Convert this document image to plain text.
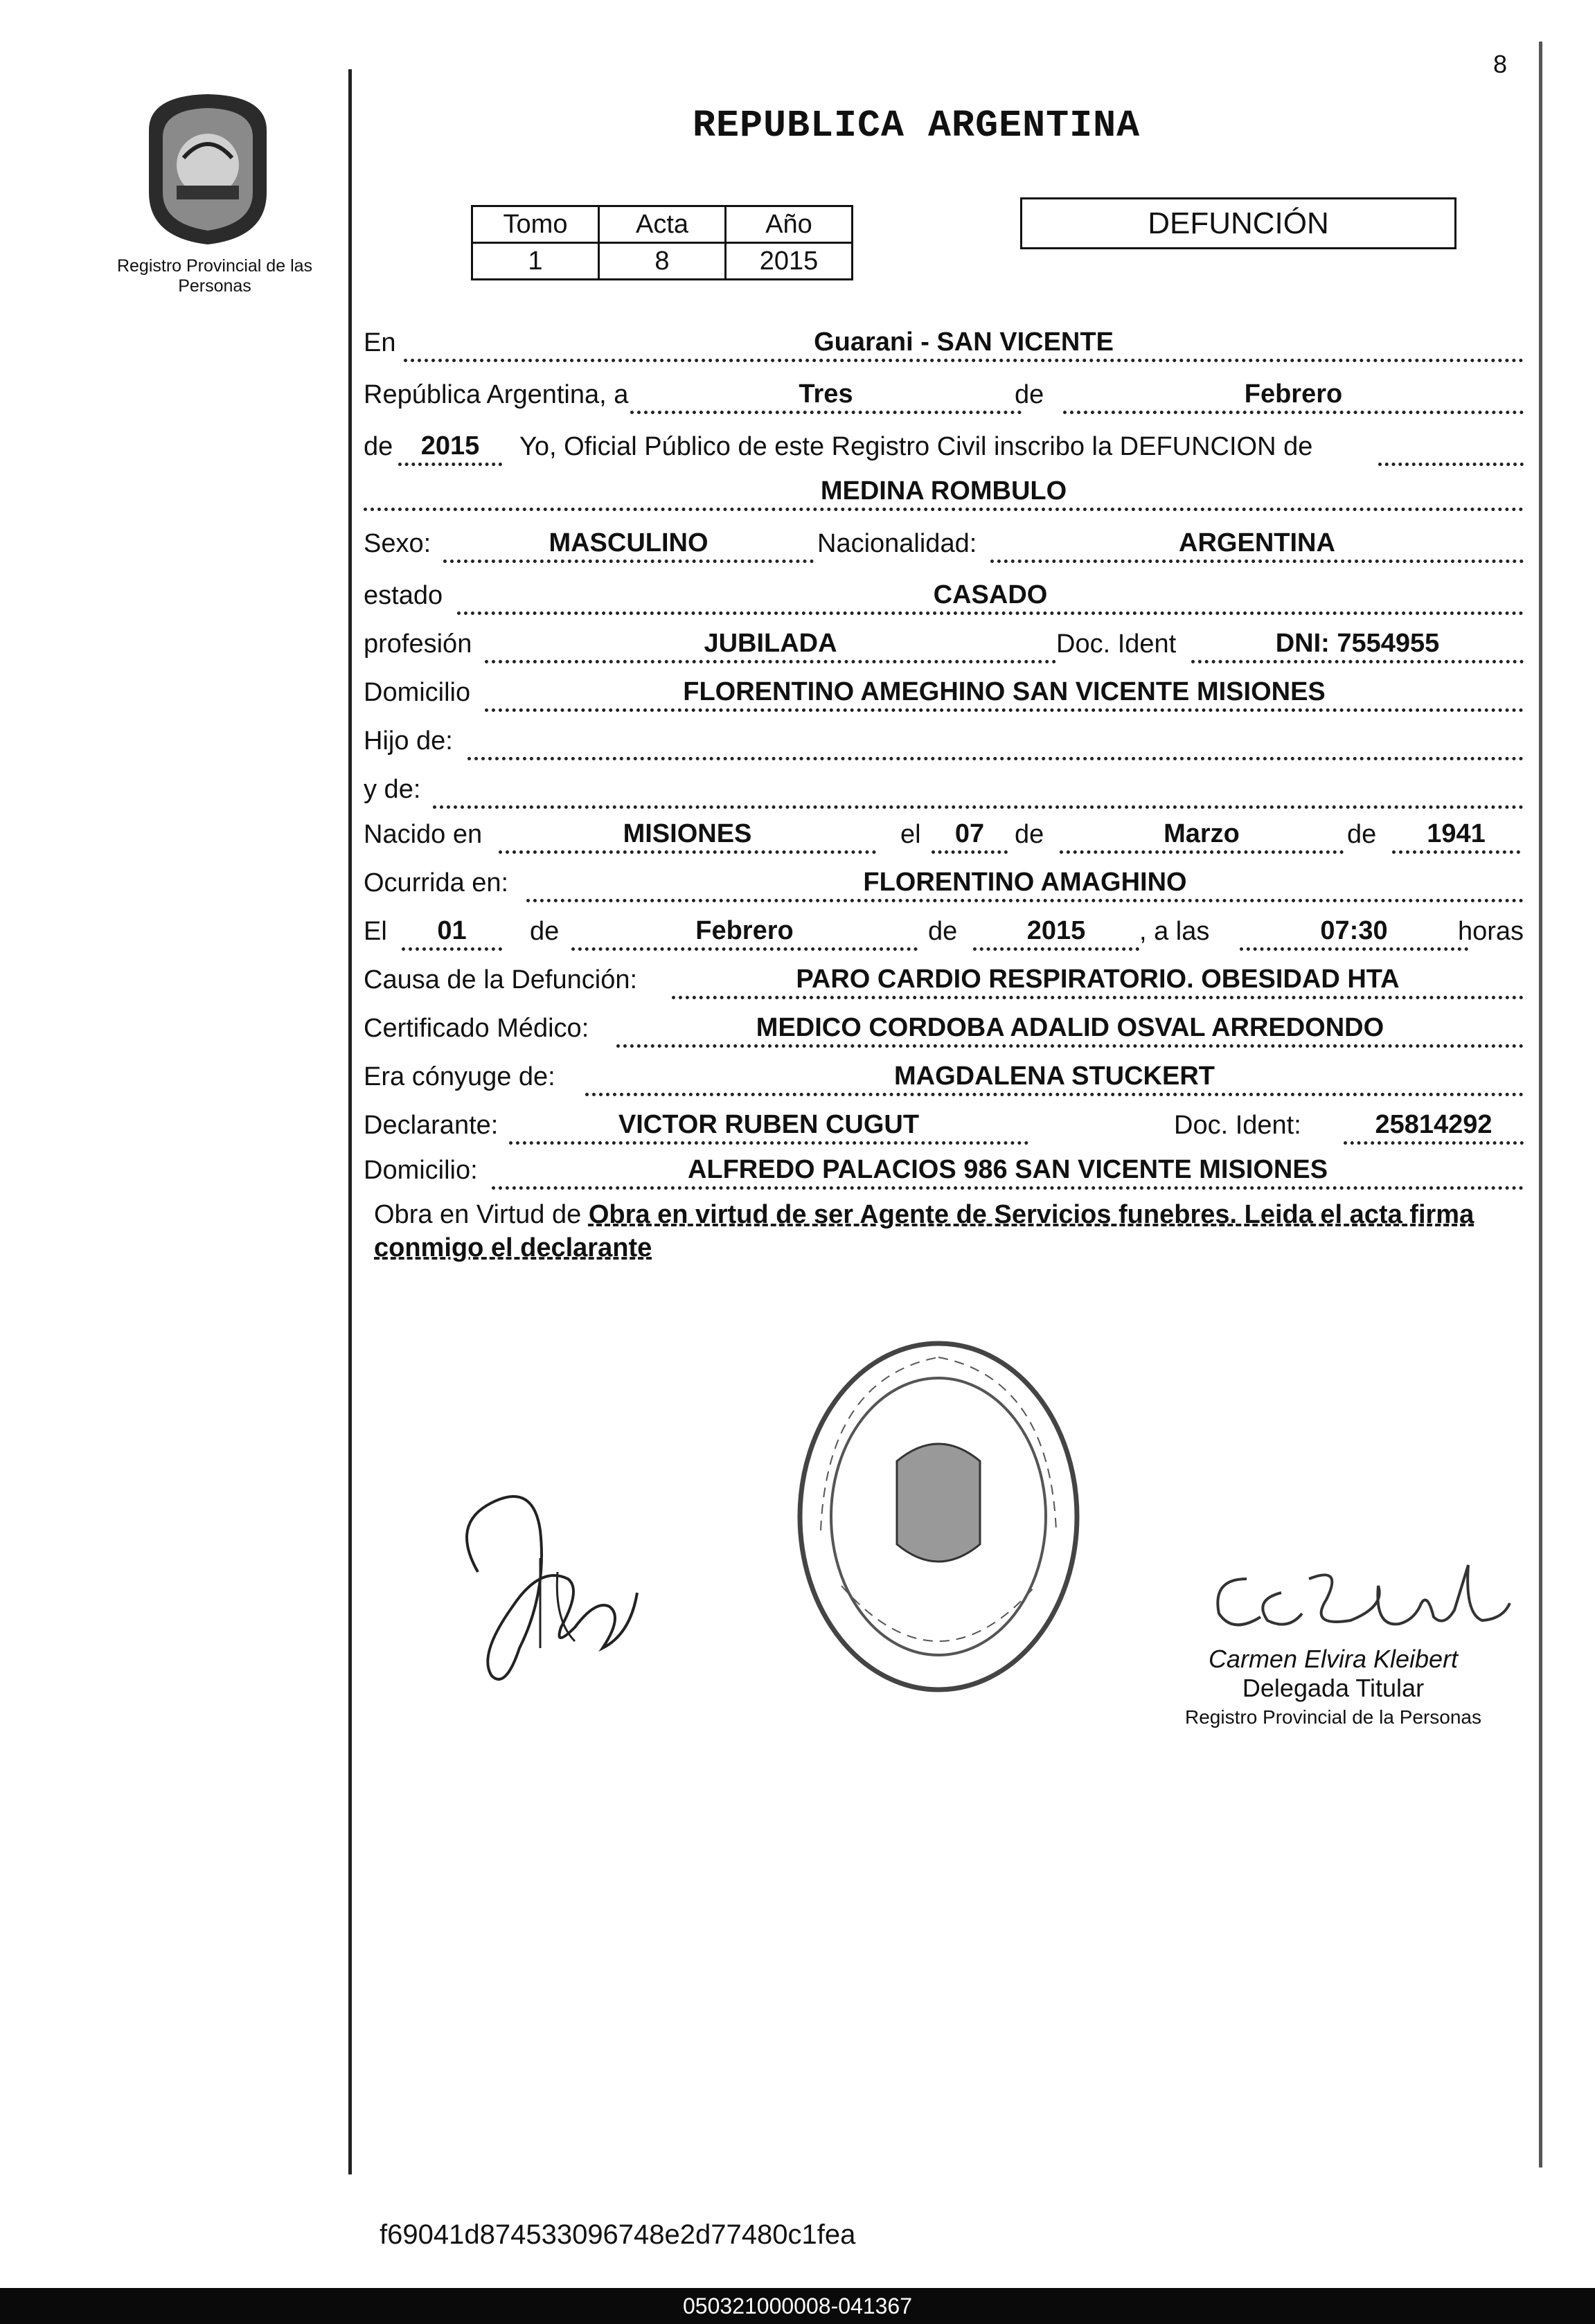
8
Registro Provincial de las Personas
REPUBLICA ARGENTINA
Tomo	Acta	Año
1	8	2015
DEFUNCIÓN
En	Guarani - SAN VICENTE
República Argentina, a	Tres	de	Febrero
de	2015	Yo, Oficial Público de este Registro Civil inscribo la DEFUNCION de
MEDINA ROMBULO
Sexo:	MASCULINO	Nacionalidad:	ARGENTINA
estado	CASADO
profesión	JUBILADA	Doc. Ident	DNI: 7554955
Domicilio	FLORENTINO AMEGHINO SAN VICENTE MISIONES
Hijo de:
y de:
Nacido en	MISIONES	el	07	de	Marzo	de	1941
Ocurrida en:	FLORENTINO AMAGHINO
El	01	de	Febrero	de	2015	, a las	07:30	horas
Causa de la Defunción:	PARO CARDIO RESPIRATORIO. OBESIDAD HTA
Certificado Médico:	MEDICO CORDOBA ADALID OSVAL ARREDONDO
Era cónyuge de:	MAGDALENA STUCKERT
Declarante:	VICTOR RUBEN CUGUT	Doc. Ident:	25814292
Domicilio:	ALFREDO PALACIOS 986 SAN VICENTE MISIONES
Obra en Virtud de Obra en virtud de ser Agente de Servicios funebres. Leida el acta firma conmigo el declarante
Carmen Elvira Kleibert
Delegada Titular
Registro Provincial de la Personas
f69041d874533096748e2d77480c1fea
050321000008-041367
